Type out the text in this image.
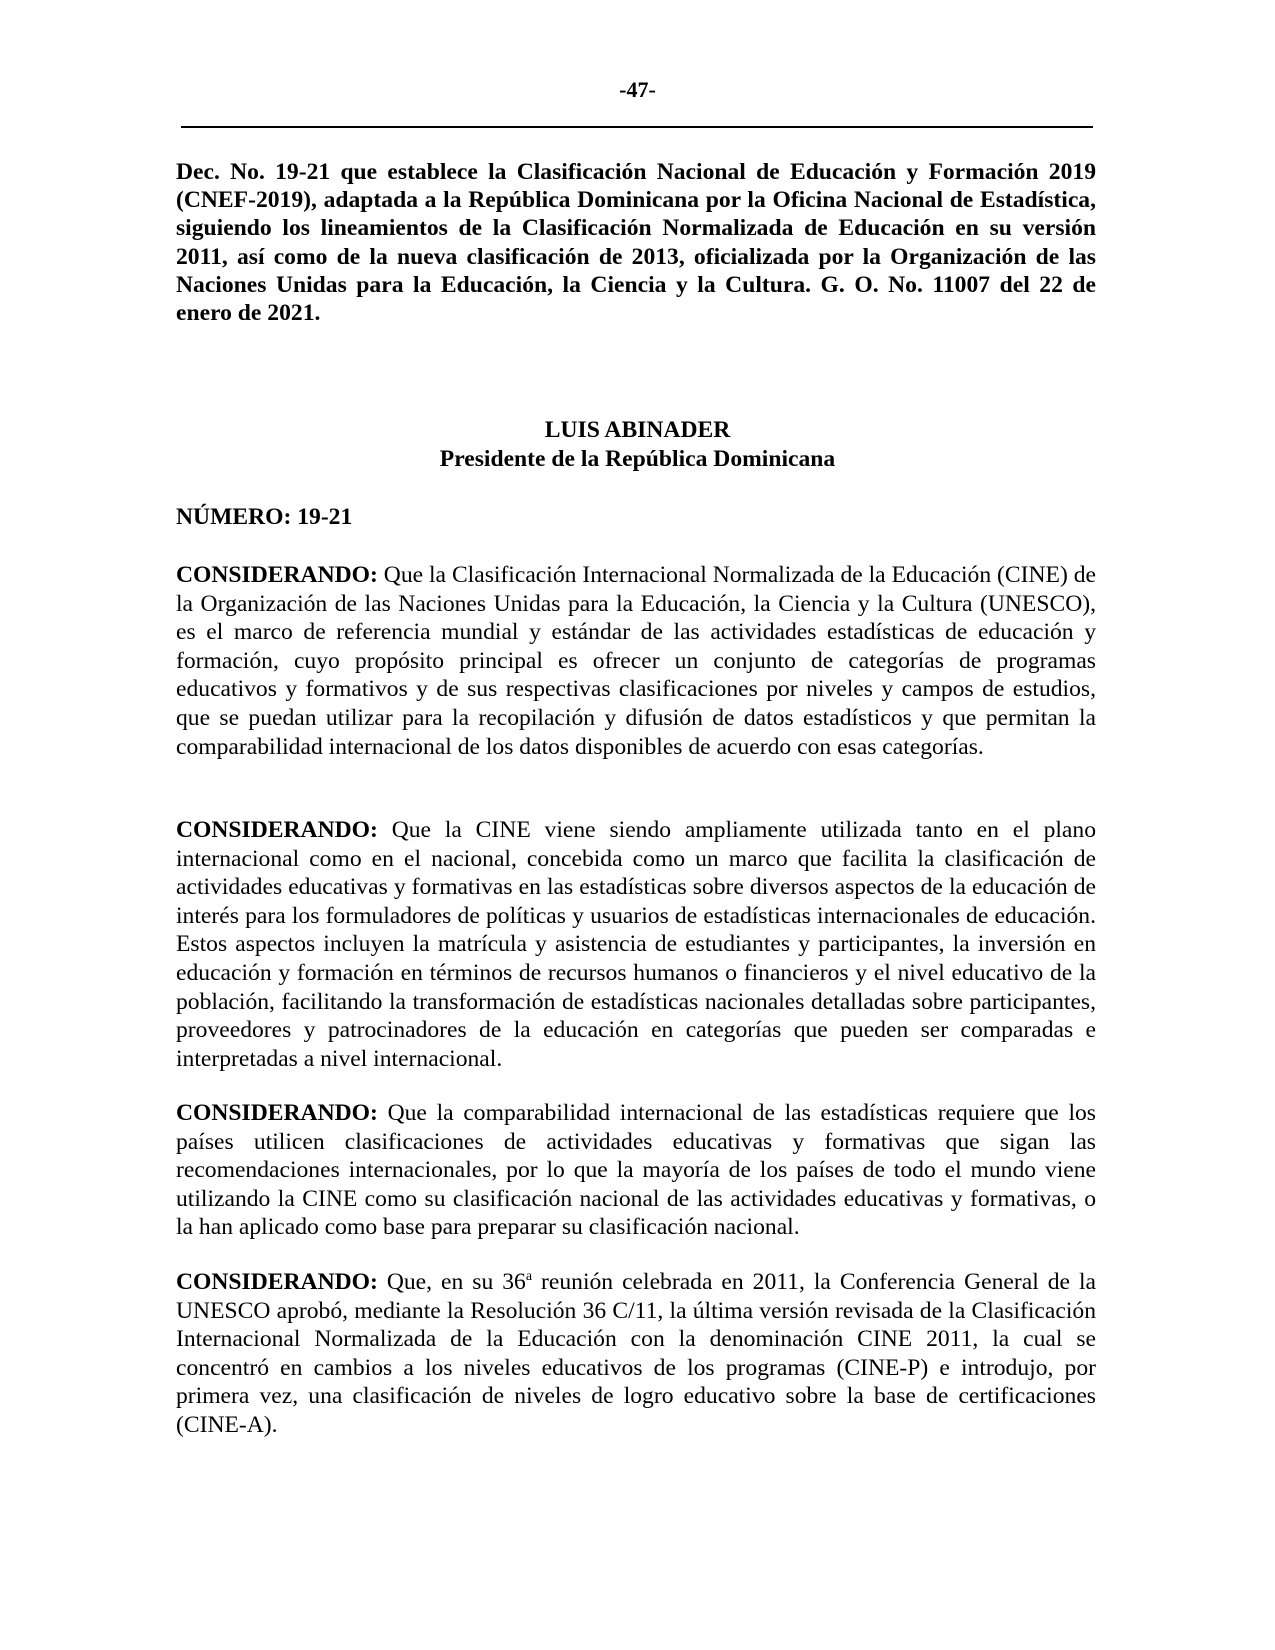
-47-
Dec. No. 19-21 que establece la Clasificación Nacional de Educación y Formación 2019 (CNEF-2019), adaptada a la República Dominicana por la Oficina Nacional de Estadística, siguiendo los lineamientos de la Clasificación Normalizada de Educación en su versión 2011, así como de la nueva clasificación de 2013, oficializada por la Organización de las Naciones Unidas para la Educación, la Ciencia y la Cultura. G. O. No. 11007 del 22 de enero de 2021.
LUIS ABINADER
Presidente de la República Dominicana
NÚMERO: 19-21
CONSIDERANDO: Que la Clasificación Internacional Normalizada de la Educación (CINE) de la Organización de las Naciones Unidas para la Educación, la Ciencia y la Cultura (UNESCO), es el marco de referencia mundial y estándar de las actividades estadísticas de educación y formación, cuyo propósito principal es ofrecer un conjunto de categorías de programas educativos y formativos y de sus respectivas clasificaciones por niveles y campos de estudios, que se puedan utilizar para la recopilación y difusión de datos estadísticos y que permitan la comparabilidad internacional de los datos disponibles de acuerdo con esas categorías.
CONSIDERANDO: Que la CINE viene siendo ampliamente utilizada tanto en el plano internacional como en el nacional, concebida como un marco que facilita la clasificación de actividades educativas y formativas en las estadísticas sobre diversos aspectos de la educación de interés para los formuladores de políticas y usuarios de estadísticas internacionales de educación. Estos aspectos incluyen la matrícula y asistencia de estudiantes y participantes, la inversión en educación y formación en términos de recursos humanos o financieros y el nivel educativo de la población, facilitando la transformación de estadísticas nacionales detalladas sobre participantes, proveedores y patrocinadores de la educación en categorías que pueden ser comparadas e interpretadas a nivel internacional.
CONSIDERANDO: Que la comparabilidad internacional de las estadísticas requiere que los países utilicen clasificaciones de actividades educativas y formativas que sigan las recomendaciones internacionales, por lo que la mayoría de los países de todo el mundo viene utilizando la CINE como su clasificación nacional de las actividades educativas y formativas, o la han aplicado como base para preparar su clasificación nacional.
CONSIDERANDO: Que, en su 36$^a$ reunión celebrada en 2011, la Conferencia General de la UNESCO aprobó, mediante la Resolución 36 C/11, la última versión revisada de la Clasificación Internacional Normalizada de la Educación con la denominación CINE 2011, la cual se concentró en cambios a los niveles educativos de los programas (CINE-P) e introdujo, por primera vez, una clasificación de niveles de logro educativo sobre la base de certificaciones (CINE-A).
